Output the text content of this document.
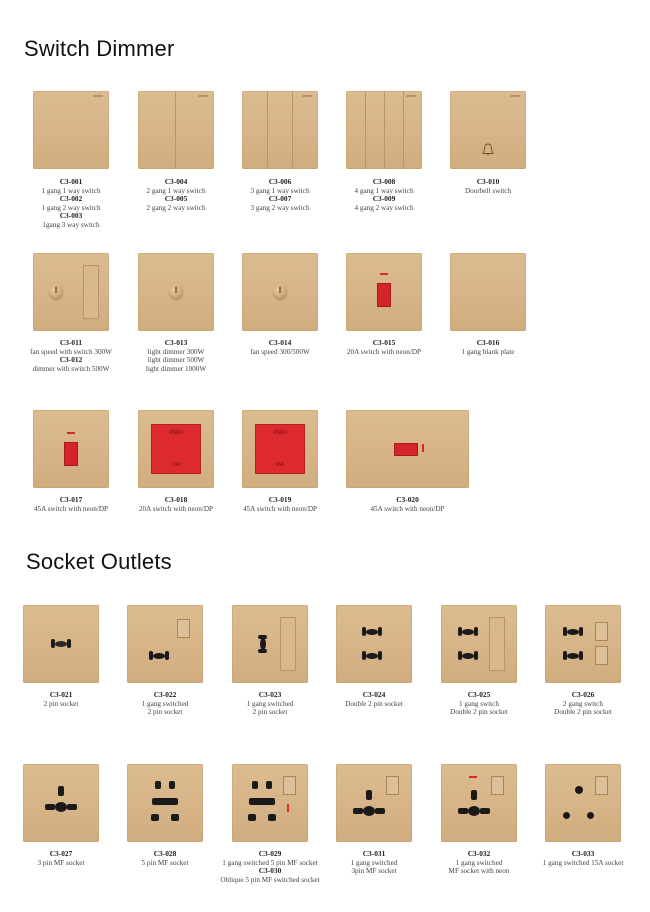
Switch Dimmer
Socket Outlets
C3-001
1 gang 1 way switch
C3-002
1 gang 2 way switch
C3-003
1gang 3 way switch
C3-004
2 gang 1 way switch
C3-005
2 gang 2 way switch
C3-006
3 gang 1 way switch
C3-007
3 gang 2 way switch
C3-008
4 gang 1 way switch
C3-009
4 gang 2 way switch
C3-010
Doorbell switch
C3-011
fan speed with switch 300W
C3-012
dimmer with switch 500W
C3-013
light dimmer 300W
light dimmer 500W
light dimmer 1000W
C3-014
fan speed 300/500W
C3-015
20A switch with neon/DP
C3-016
1 gang blank plate
C3-017
45A switch with neon/DP
45000
20A
C3-018
20A switch with neon/DP
45000
45A
C3-019
45A switch with neon/DP
C3-020
45A switch with neon/DP
C3-021
2 pin socket
C3-022
1 gang switched
2 pin socket
C3-023
1 gang switched
2 pin socket
C3-024
Double 2 pin socket
C3-025
1 gang switch
Double 2 pin socket
C3-026
2 gang switch
Double 2 pin socket
C3-027
3 pin MF socket
C3-028
5 pin MF socket
C3-029
1 gang switched 5 pin MF socket
C3-030
Oblique 5 pin MF switched socket
C3-031
1 gang switched
3pin MF socket
C3-032
1 gang switched
MF socket with neon
C3-033
1 gang switched 15A socket
